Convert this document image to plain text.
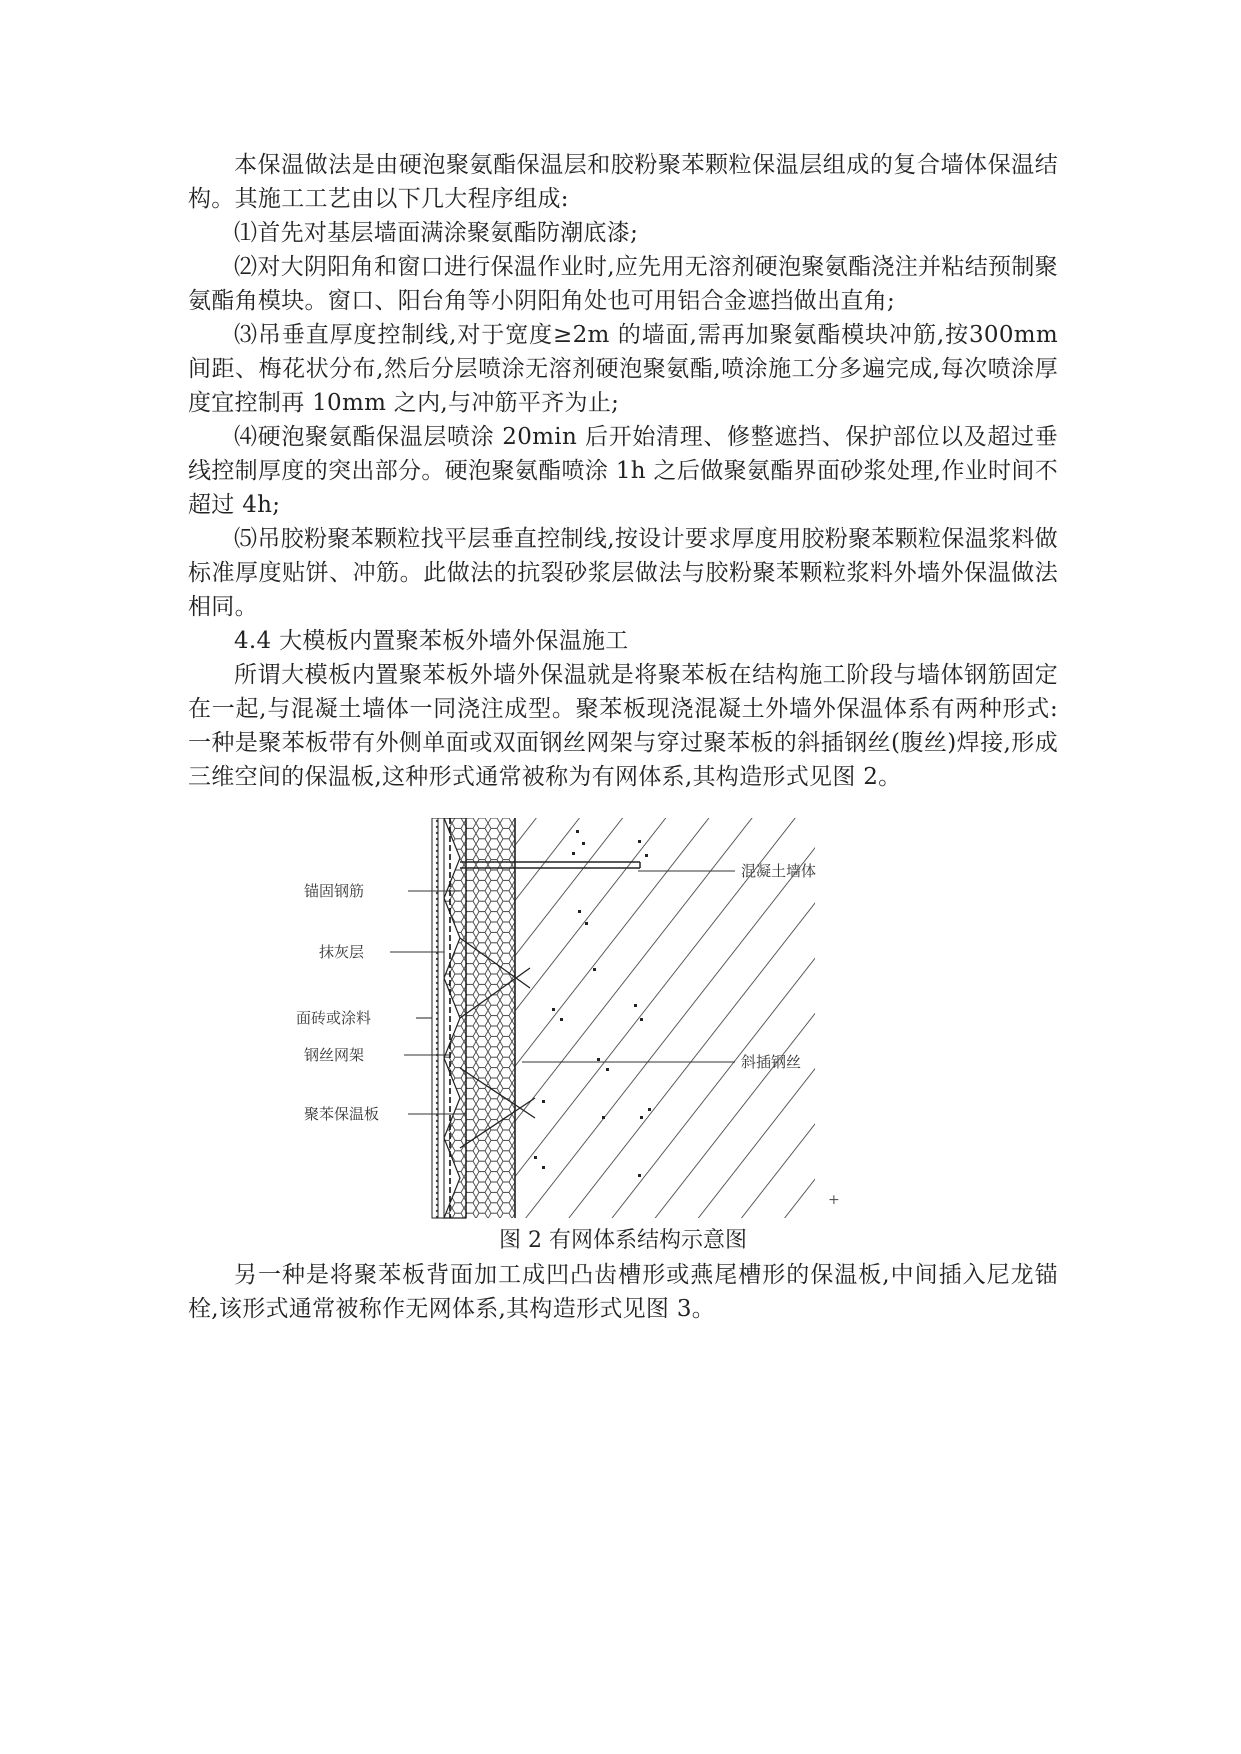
本保温做法是由硬泡聚氨酯保温层和胶粉聚苯颗粒保温层组成的复合墙体保温结构。其施工工艺由以下几大程序组成:

⑴首先对基层墙面满涂聚氨酯防潮底漆;

⑵对大阴阳角和窗口进行保温作业时,应先用无溶剂硬泡聚氨酯浇注并粘结预制聚氨酯角模块。窗口、阳台角等小阴阳角处也可用铝合金遮挡做出直角;

⑶吊垂直厚度控制线,对于宽度≥2m 的墙面,需再加聚氨酯模块冲筋,按300mm 间距、梅花状分布,然后分层喷涂无溶剂硬泡聚氨酯,喷涂施工分多遍完成,每次喷涂厚度宜控制再 10mm 之内,与冲筋平齐为止;

⑷硬泡聚氨酯保温层喷涂 20min 后开始清理、修整遮挡、保护部位以及超过垂线控制厚度的突出部分。硬泡聚氨酯喷涂 1h 之后做聚氨酯界面砂浆处理,作业时间不超过 4h;

⑸吊胶粉聚苯颗粒找平层垂直控制线,按设计要求厚度用胶粉聚苯颗粒保温浆料做标准厚度贴饼、冲筋。此做法的抗裂砂浆层做法与胶粉聚苯颗粒浆料外墙外保温做法相同。

4.4 大模板内置聚苯板外墙外保温施工

所谓大模板内置聚苯板外墙外保温就是将聚苯板在结构施工阶段与墙体钢筋固定在一起,与混凝土墙体一同浇注成型。聚苯板现浇混凝土外墙外保温体系有两种形式:一种是聚苯板带有外侧单面或双面钢丝网架与穿过聚苯板的斜插钢丝(腹丝)焊接,形成三维空间的保温板,这种形式通常被称为有网体系,其构造形式见图 2。

+
锚固钢筋
抹灰层
面砖或涂料
钢丝网架
聚苯保温板
混凝土墙体
斜插钢丝
图 2 有网体系结构示意图

另一种是将聚苯板背面加工成凹凸齿槽形或燕尾槽形的保温板,中间插入尼龙锚栓,该形式通常被称作无网体系,其构造形式见图 3。
